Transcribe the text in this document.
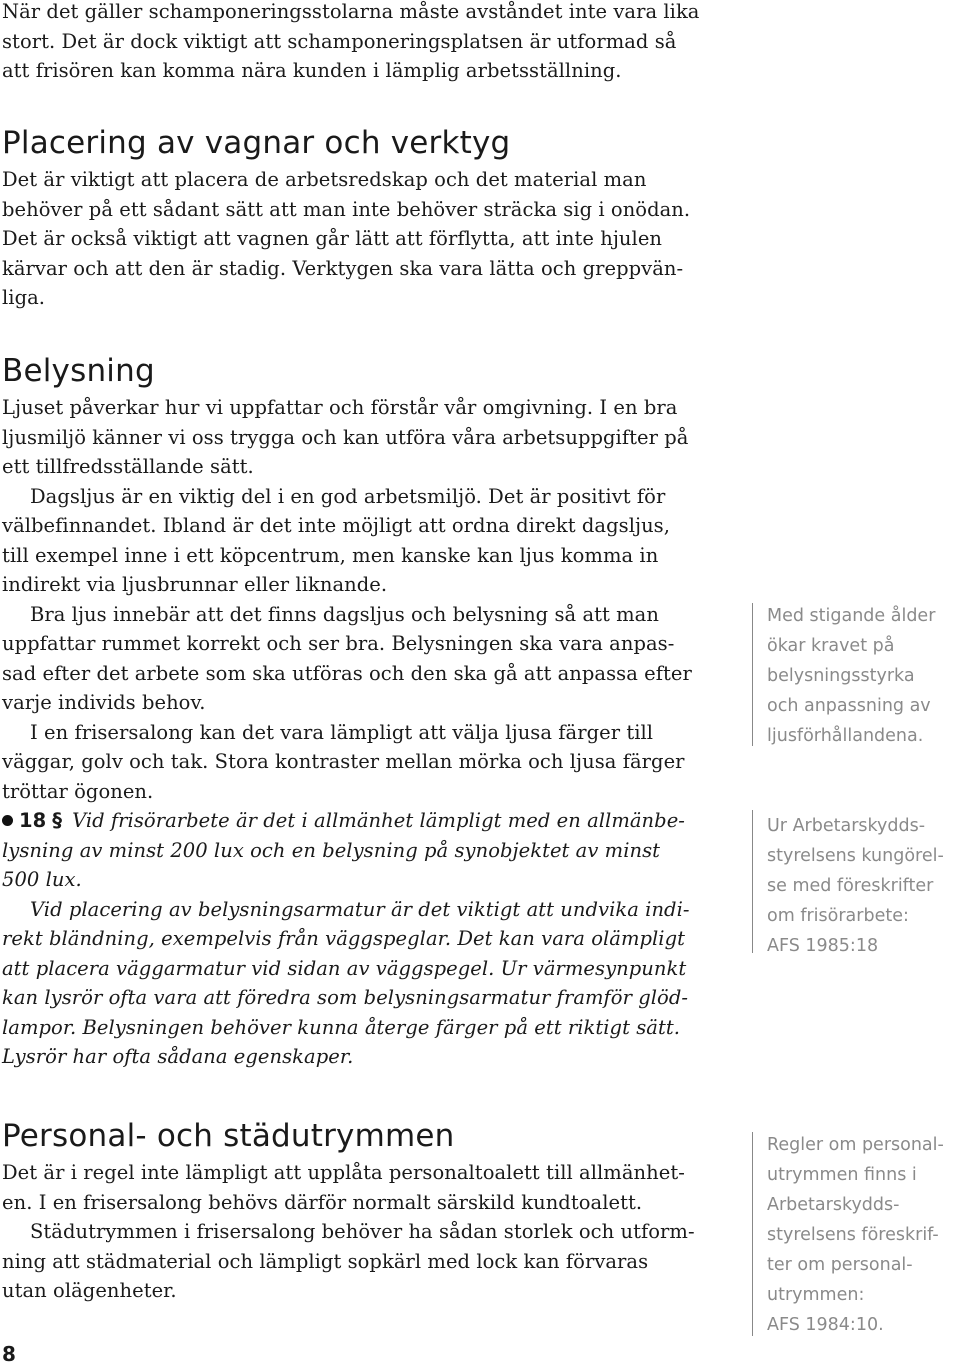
När det gäller schamponeringsstolarna måste avståndet inte vara lika
stort. Det är dock viktigt att schamponeringsplatsen är utformad så
att frisören kan komma nära kunden i lämplig arbetsställning.

Placering av vagnar och verktyg

Det är viktigt att placera de arbetsredskap och det material man
behöver på ett sådant sätt att man inte behöver sträcka sig i onödan.
Det är också viktigt att vagnen går lätt att förflytta, att inte hjulen
kärvar och att den är stadig. Verktygen ska vara lätta och greppvän-
liga.

Belysning

Ljuset påverkar hur vi uppfattar och förstår vår omgivning. I en bra
ljusmiljö känner vi oss trygga och kan utföra våra arbetsuppgifter på
ett tillfredsställande sätt.

Dagsljus är en viktig del i en god arbetsmiljö. Det är positivt för
välbefinnandet. Ibland är det inte möjligt att ordna direkt dagsljus,
till exempel inne i ett köpcentrum, men kanske kan ljus komma in
indirekt via ljusbrunnar eller liknande.

Bra ljus innebär att det finns dagsljus och belysning så att man
uppfattar rummet korrekt och ser bra. Belysningen ska vara anpas-
sad efter det arbete som ska utföras och den ska gå att anpassa efter
varje individs behov.

I en frisersalong kan det vara lämpligt att välja ljusa färger till
väggar, golv och tak. Stora kontraster mellan mörka och ljusa färger
tröttar ögonen.

18 § Vid frisörarbete är det i allmänhet lämpligt med en allmänbe-
lysning av minst 200 lux och en belysning på synobjektet av minst
500 lux.

Vid placering av belysningsarmatur är det viktigt att undvika indi-
rekt bländning, exempelvis från väggspeglar. Det kan vara olämpligt
att placera väggarmatur vid sidan av väggspegel. Ur värmesynpunkt
kan lysrör ofta vara att föredra som belysningsarmatur framför glöd-
lampor. Belysningen behöver kunna återge färger på ett riktigt sätt.
Lysrör har ofta sådana egenskaper.

Personal- och städutrymmen

Det är i regel inte lämpligt att upplåta personaltoalett till allmänhet-
en. I en frisersalong behövs därför normalt särskild kundtoalett.

Städutrymmen i frisersalong behöver ha sådan storlek och utform-
ning att städmaterial och lämpligt sopkärl med lock kan förvaras
utan olägenheter.

Med stigande ålder
ökar kravet på
belysningsstyrka
och anpassning av
ljusförhållandena.
Ur Arbetarskydds-
styrelsens kungörel-
se med föreskrifter
om frisörarbete:
AFS 1985:18
Regler om personal-
utrymmen finns i
Arbetarskydds-
styrelsens föreskrif-
ter om personal-
utrymmen:
AFS 1984:10.
8
